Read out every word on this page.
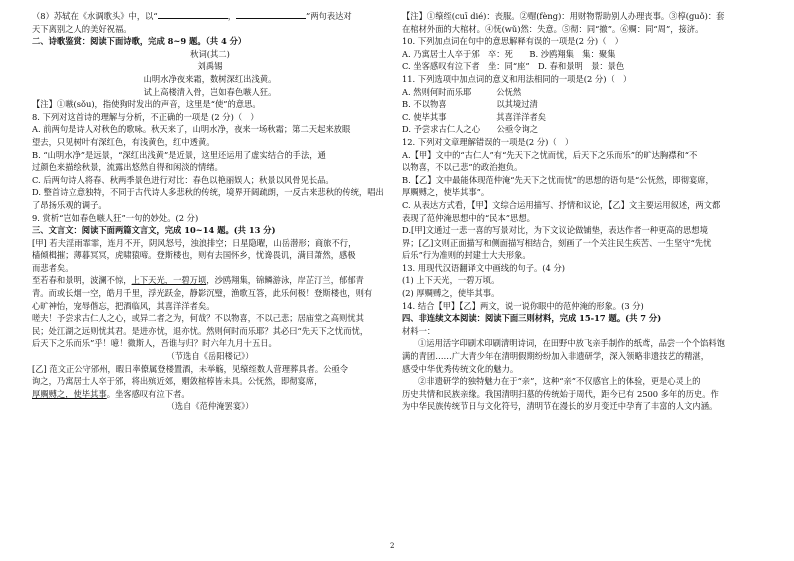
（8）苏轼在《水调歌头》中，以“	，	”两句表达对
天下离别之人的美好祝福。
二、诗歌鉴赏：阅读下面诗歌，完成 8~9 题。（共 4 分）
秋词(其二)
刘禹锡
山明水净夜来霜，数树深红出浅黄。
试上高楼清入骨，岂如春色嗾人狂。
【注】①嗾(sǒu)，指使狗时发出的声音，这里是“使”的意思。
8. 下列对这首诗的理解与分析，不正确的一项是 (2 分)（　）
A. 前两句是诗人对秋色的歌咏。秋天来了，山明水净，夜来一场秋霜；第二天起来放眼
望去，只见树叶有深红色，有浅黄色，红中透黄。
B. “山明水净”是远景，“深红出浅黄”是近景，这里还运用了虚实结合的手法，通
过颜色来描绘秋景，流露出悠然自得和闲淡的情绪。
C. 后两句诗人将春、秋两季景色进行对比：春色以艳丽娱人；秋景以风骨见长品。
D. 整首诗立意独特，不同于古代诗人多悲秋的传统，境界开阔疏朗，一反古来悲秋的传统，唱出
了昂扬乐观的调子。
9. 赏析“岂如春色嗾人狂”一句的妙处。(2 分)
三、文言文：阅读下面两篇文言文，完成 10~14 题。(共 13 分)
[甲] 若夫淫雨霏霏，连月不开，阴风怒号，浊浪排空；日星隐曜，山岳潜形；商旅不行，
樯倾楫摧；薄暮冥冥，虎啸猿啼。登斯楼也，则有去国怀乡，忧谗畏讥，满目萧然，感极
而悲者矣。
至若春和景明，波澜不惊，上下天光，一碧万顷，沙鸥翔集，锦鳞游泳，岸芷汀兰，郁郁青
青。而或长烟一空，皓月千里，浮光跃金，静影沉璧，渔歌互答，此乐何极！登斯楼也，则有
心旷神怡，宠辱偕忘，把酒临风，其喜洋洋者矣。
嗟夫！予尝求古仁人之心，或异二者之为，何哉？不以物喜，不以己悲；居庙堂之高则忧其
民；处江湖之远则忧其君。是进亦忧，退亦忧。然则何时而乐耶？其必曰“先天下之忧而忧，
后天下之乐而乐”乎！噫！微斯人，吾谁与归？时六年九月十五日。
（节选自《岳阳楼记》）
[乙] 范文正公守邠州，暇日率僚属登楼置酒，未举觞，见缞绖数人营理葬具者。公亟令
询之，乃寓居士人卒于邠，将出殡近郊，赗敛棺椁皆未具。公怃然，即彻宴席，
厚赒赙之，使毕其事。坐客感叹有泣下者。
（选自《范仲淹罢宴》）
【注】①缞绖(cuī dié)：丧服。②赗(fèng)：用财物帮助别人办理丧事。③椁(guǒ)：套
在棺材外面的大棺材。④怃(wǔ)然：失意。⑤彻：同“撤”。⑥赒：同“周”，接济。
10. 下列加点词在句中的意思解释有误的一项是(2 分)（　）
A. 乃寓居士人卒于邠　卒：死　　B. 沙鸥翔集　集：聚集
C. 坐客感叹有泣下者　坐：同“座”　D. 春和景明　景：景色
11. 下列选项中加点词的意义和用法相同的一项是(2 分)（　）
A. 然则何时而乐耶　　　公怃然
B. 不以物喜　　　　　　以其境过清
C. 使毕其事　　　　　　其喜洋洋者矣
D. 予尝求古仁人之心　　公亟令询之
12. 下列对文章理解错误的一项是(2 分)（　）
A.【甲】文中的“古仁人”有“先天下之忧而忧，后天下之乐而乐”的旷达胸襟和“不
以物喜，不以己悲”的政治抱负。
B.【乙】文中最能体现范仲淹“先天下之忧而忧”的思想的语句是“公怃然，即彻宴席，
厚赒赙之，使毕其事”。
C. 从表达方式看，【甲】文综合运用描写、抒情和议论，【乙】文主要运用叙述，两文都
表现了范仲淹思想中的“民本”思想。
D.[甲]文通过一悲一喜的写景对比，为下文议论做铺垫，表达作者一种更高的思想境
界；[乙]文则正面描写和侧面描写相结合，刻画了一个关注民生疾苦、一生坚守“先忧
后乐”行为准则的封建士大夫形象。
13. 用现代汉语翻译文中画线的句子。(4 分)
(1) 上下天光，一碧万顷。
(2) 厚赒赙之，使毕其事。
14. 结合【甲】【乙】两文，说一说你眼中的范仲淹的形象。(3 分)
四、非连续文本阅读：阅读下面三则材料，完成 15-17 题。(共 7 分)
材料一：
①运用活字印刷术印刷清明诗词，在田野中放飞亲手制作的纸鸢，品尝一个个馅料饱
满的青团……广大青少年在清明假期纷纷加入非遗研学，深入领略非遗技艺的精湛，
感受中华优秀传统文化的魅力。
②非遗研学的独特魅力在于“亲”，这种“亲”不仅感官上的体验，更是心灵上的
历史共情和民族亲缘。我国清明扫墓的传统始于周代，距今已有 2500 多年的历史。作
为中华民族传统节日与文化符号，清明节在漫长的岁月变迁中孕育了丰富的人文内涵。
2
